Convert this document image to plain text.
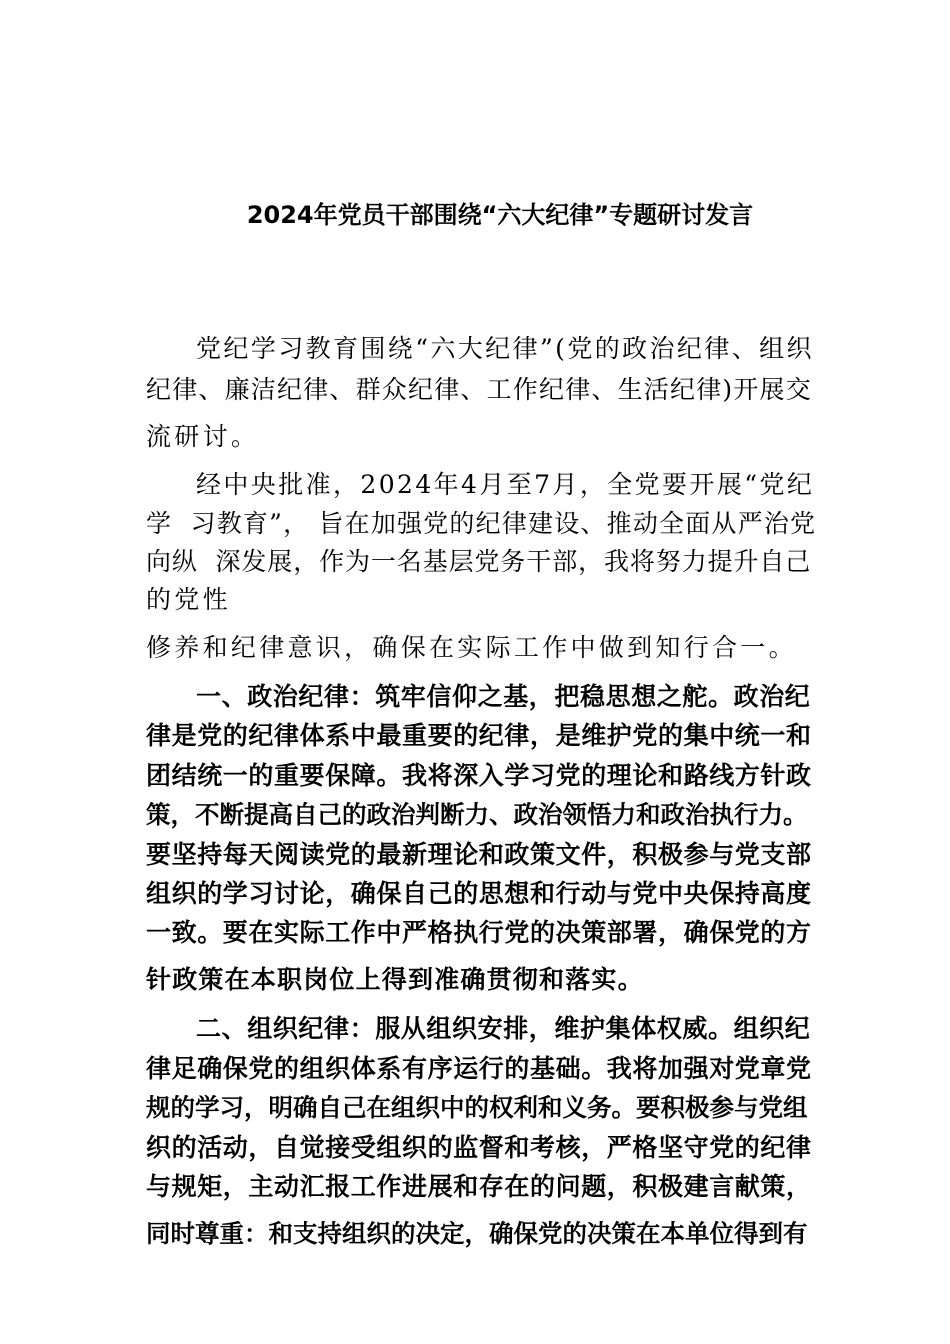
2024年党员干部围绕“六大纪律”专题研讨发言

党纪学习教育围绕“六大纪律”(党的政治纪律、组织

纪律、廉洁纪律、群众纪律、工作纪律、生活纪律)开展交

流研讨。

经中央批准，2024年4月至7月，全党要开展“党纪

学  习教育”， 旨在加强党的纪律建设、推动全面从严治党

向纵  深发展，作为一名基层党务干部，我将努力提升自己

的党性

修养和纪律意识，确保在实际工作中做到知行合一。

一、政治纪律：筑牢信仰之基，把稳思想之舵。政治纪

律是党的纪律体系中最重要的纪律，是维护党的集中统一和

团结统一的重要保障。我将深入学习党的理论和路线方针政

策，不断提高自己的政治判断力、政治领悟力和政治执行力。

要坚持每天阅读党的最新理论和政策文件，积极参与党支部

组织的学习讨论，确保自己的思想和行动与党中央保持高度

一致。要在实际工作中严格执行党的决策部署，确保党的方

针政策在本职岗位上得到准确贯彻和落实。

二、组织纪律：服从组织安排，维护集体权威。组织纪

律足确保党的组织体系有序运行的基础。我将加强对党章党

规的学习，明确自己在组织中的权利和义务。要积极参与党组

织的活动，自觉接受组织的监督和考核，严格坚守党的纪律

与规矩，主动汇报工作进展和存在的问题，积极建言献策，

同时尊重：和支持组织的决定，确保党的决策在本单位得到有
